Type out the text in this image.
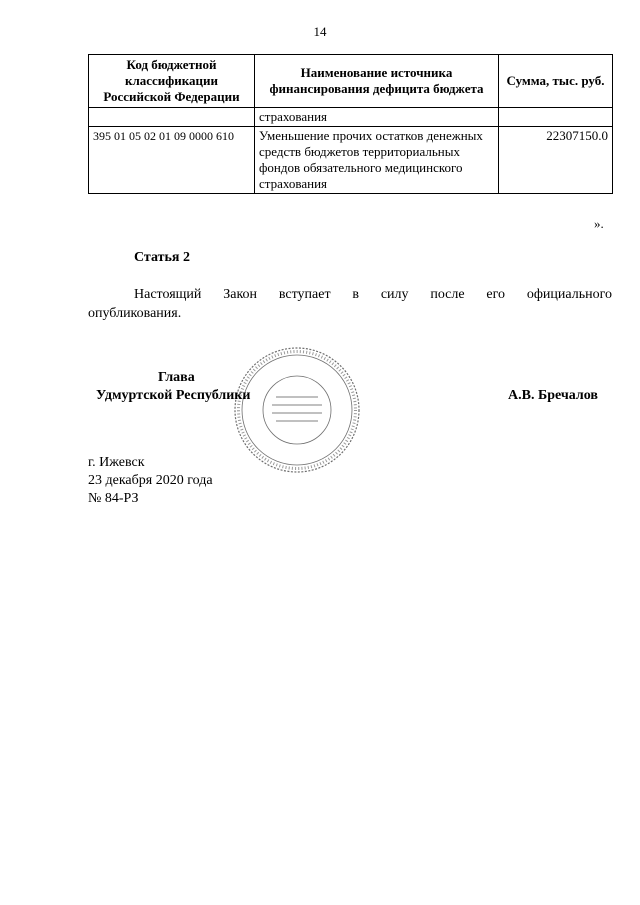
14
Код бюджетной классификации Российской Федерации	Наименование источника финансирования дефицита бюджета	Сумма, тыс. руб.
	страхования	
395 01 05 02 01 09 0000 610	Уменьшение прочих остатков денежных средств бюджетов территориальных фондов обязательного медицинского страхования	22307150.0
».
Статья 2
Настоящий Закон вступает в силу после его официального
опубликования.
Глава
Удмуртской Республики	А.В. Бречалов
г. Ижевск
23 декабря 2020 года
№ 84-РЗ
